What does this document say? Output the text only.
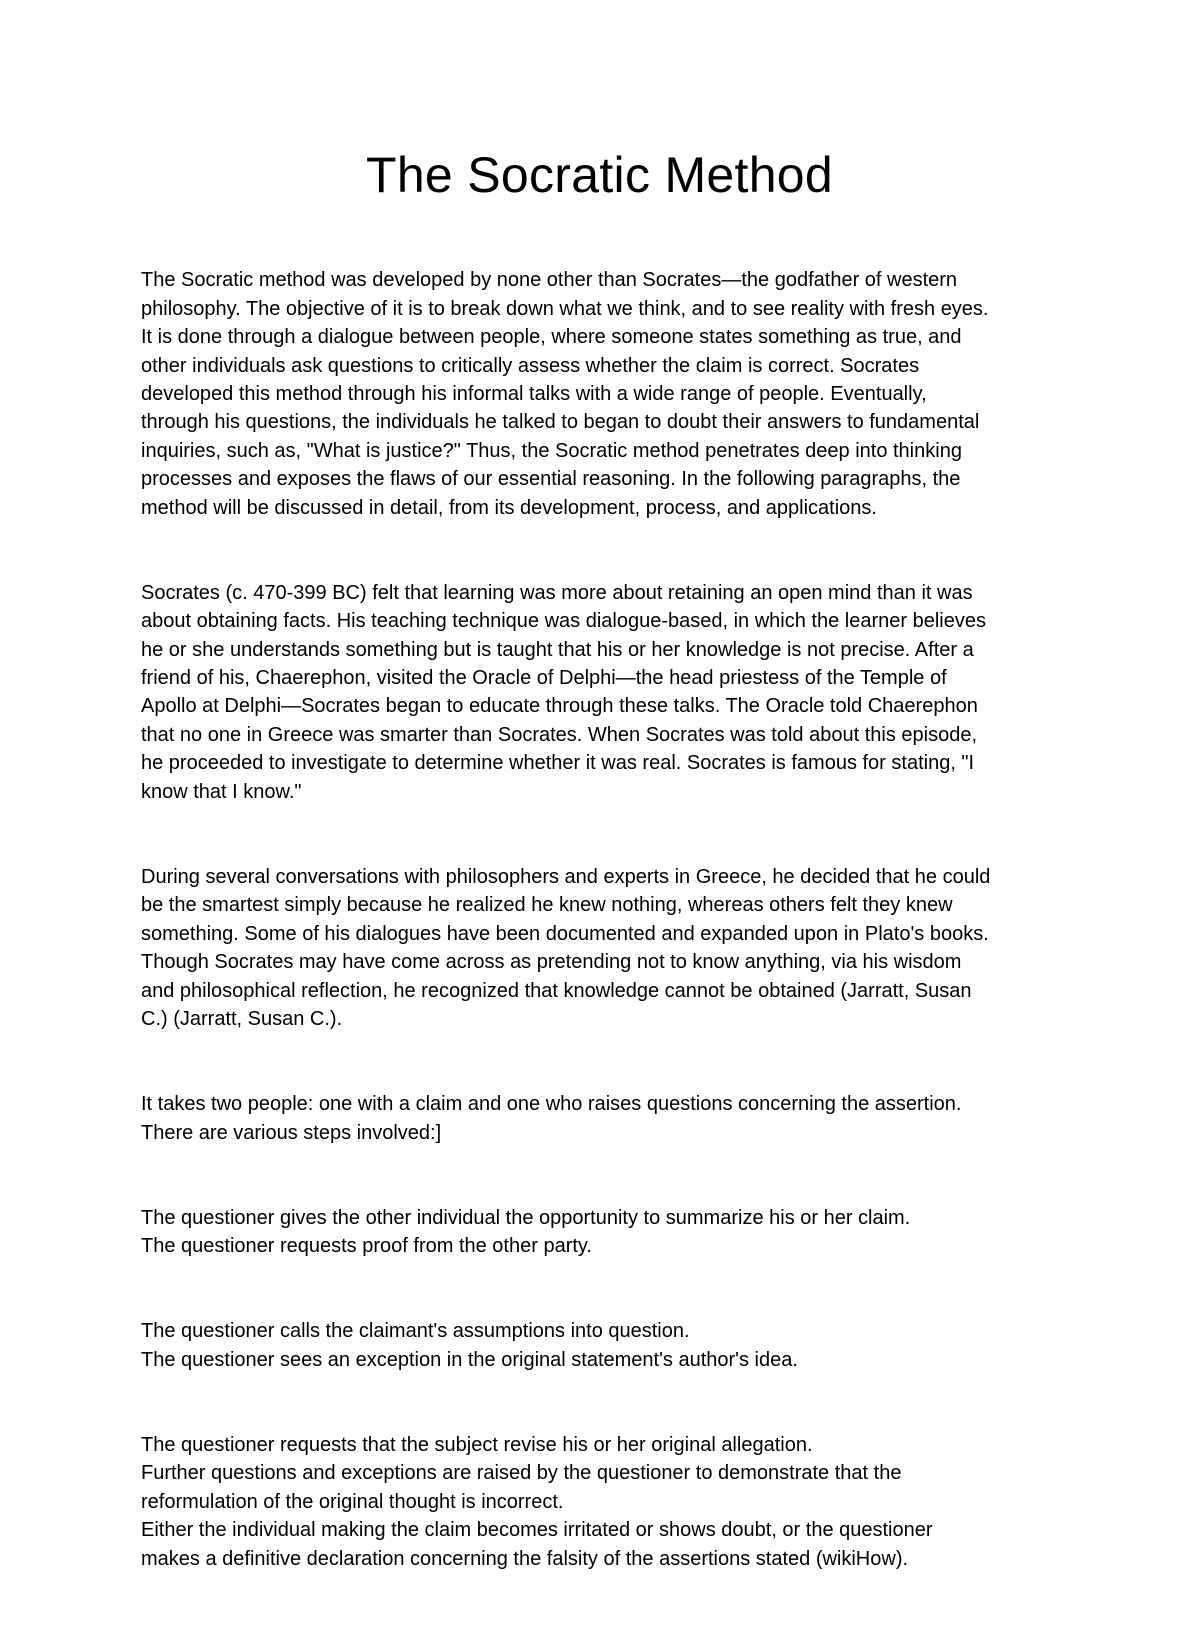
The Socratic Method

The Socratic method was developed by none other than Socrates—the godfather of western
philosophy. The objective of it is to break down what we think, and to see reality with fresh eyes.
It is done through a dialogue between people, where someone states something as true, and
other individuals ask questions to critically assess whether the claim is correct. Socrates
developed this method through his informal talks with a wide range of people. Eventually,
through his questions, the individuals he talked to began to doubt their answers to fundamental
inquiries, such as, "What is justice?" Thus, the Socratic method penetrates deep into thinking
processes and exposes the flaws of our essential reasoning. In the following paragraphs, the
method will be discussed in detail, from its development, process, and applications.

Socrates (c. 470-399 BC) felt that learning was more about retaining an open mind than it was
about obtaining facts. His teaching technique was dialogue-based, in which the learner believes
he or she understands something but is taught that his or her knowledge is not precise. After a
friend of his, Chaerephon, visited the Oracle of Delphi—the head priestess of the Temple of
Apollo at Delphi—Socrates began to educate through these talks. The Oracle told Chaerephon
that no one in Greece was smarter than Socrates. When Socrates was told about this episode,
he proceeded to investigate to determine whether it was real. Socrates is famous for stating, "I
know that I know."

During several conversations with philosophers and experts in Greece, he decided that he could
be the smartest simply because he realized he knew nothing, whereas others felt they knew
something. Some of his dialogues have been documented and expanded upon in Plato's books.
Though Socrates may have come across as pretending not to know anything, via his wisdom
and philosophical reflection, he recognized that knowledge cannot be obtained (Jarratt, Susan
C.) (Jarratt, Susan C.).

It takes two people: one with a claim and one who raises questions concerning the assertion.
There are various steps involved:]

The questioner gives the other individual the opportunity to summarize his or her claim.
The questioner requests proof from the other party.

The questioner calls the claimant's assumptions into question.
The questioner sees an exception in the original statement's author's idea.

The questioner requests that the subject revise his or her original allegation.
Further questions and exceptions are raised by the questioner to demonstrate that the
reformulation of the original thought is incorrect.
Either the individual making the claim becomes irritated or shows doubt, or the questioner
makes a definitive declaration concerning the falsity of the assertions stated (wikiHow).
